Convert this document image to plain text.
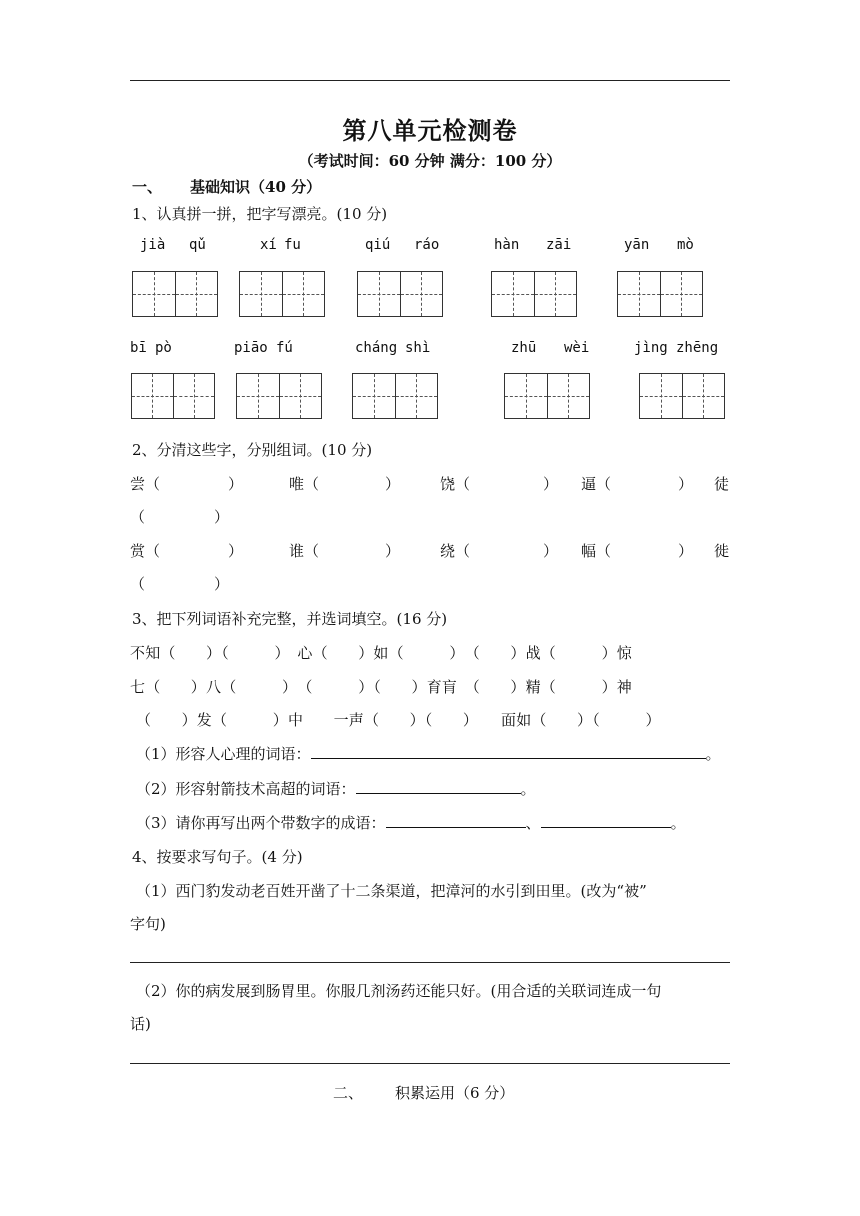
第八单元检测卷
（考试时间：60 分钟 满分：100 分）
一、 基础知识（40 分）
1、认真拼一拼，把字写漂亮。(10 分)
jià qǔ	xí fu	qiú ráo	hàn zāi	yān mò
bī pò	piāo fú	cháng shì	zhū wèi	jìng zhēng
2、分清这些字，分别组词。(10 分)
尝（	）	唯（	）	饶（	） 逼（	） 徒
（	）
赏（	）	谁（	）	绕（	） 幅（	） 徙
（	）
3、把下列词语补充完整，并选词填空。(16 分)
不知（　　）（　　　）　心（　　）如（　　　）　（　　）战（　　　）惊
七（　　）八（　　　）　（　　　）（　　）育肓　（　　）精（　　　）神
（　　）发（　　　）中　　一声（　　）（　　）　　面如（　　）（　　　）
（1）形容人心理的词语：	。
（2）形容射箭技术高超的词语：	。
（3）请你再写出两个带数字的成语：	、	。
4、按要求写句子。(4 分)
（1）西门豹发动老百姓开凿了十二条渠道，把漳河的水引到田里。(改为“被”
字句)
（2）你的病发展到肠胃里。你服几剂汤药还能只好。(用合适的关联词连成一句
话)
二、 积累运用（6 分）
